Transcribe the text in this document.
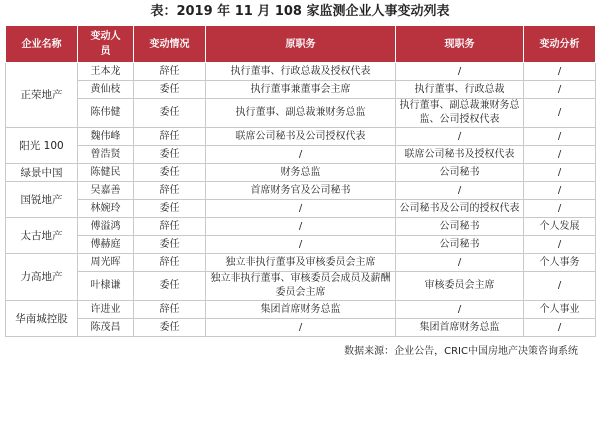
表：2019 年 11 月 108 家监测企业人事变动列表
企业名称	变动人员	变动情况	原职务	现职务	变动分析
正荣地产	王本龙	辞任	执行董事、行政总裁及授权代表	/	/
	黄仙枝	委任	执行董事兼董事会主席	执行董事、行政总裁	/
	陈伟健	委任	执行董事、副总裁兼财务总监	执行董事、副总裁兼财务总监、公司授权代表	/
阳光 100	魏伟峰	辞任	联席公司秘书及公司授权代表	/	/
	曾浩贤	委任	/	联席公司秘书及授权代表	/
绿景中国	陈健民	委任	财务总监	公司秘书	/
国锐地产	吴嘉善	辞任	首席财务官及公司秘书	/	/
	林婉玲	委任	/	公司秘书及公司的授权代表	/
太古地产	傅溢鸿	辞任	/	公司秘书	个人发展
	傅赫庭	委任	/	公司秘书	/
力高地产	周光晖	辞任	独立非执行董事及审核委员会主席	/	个人事务
	叶棣谦	委任	独立非执行董事、审核委员会成员及薪酬委员会主席	审核委员会主席	/
华南城控股	许进业	辞任	集团首席财务总监	/	个人事业
	陈茂昌	委任	/	集团首席财务总监	/
数据来源：企业公告，CRIC中国房地产决策咨询系统
